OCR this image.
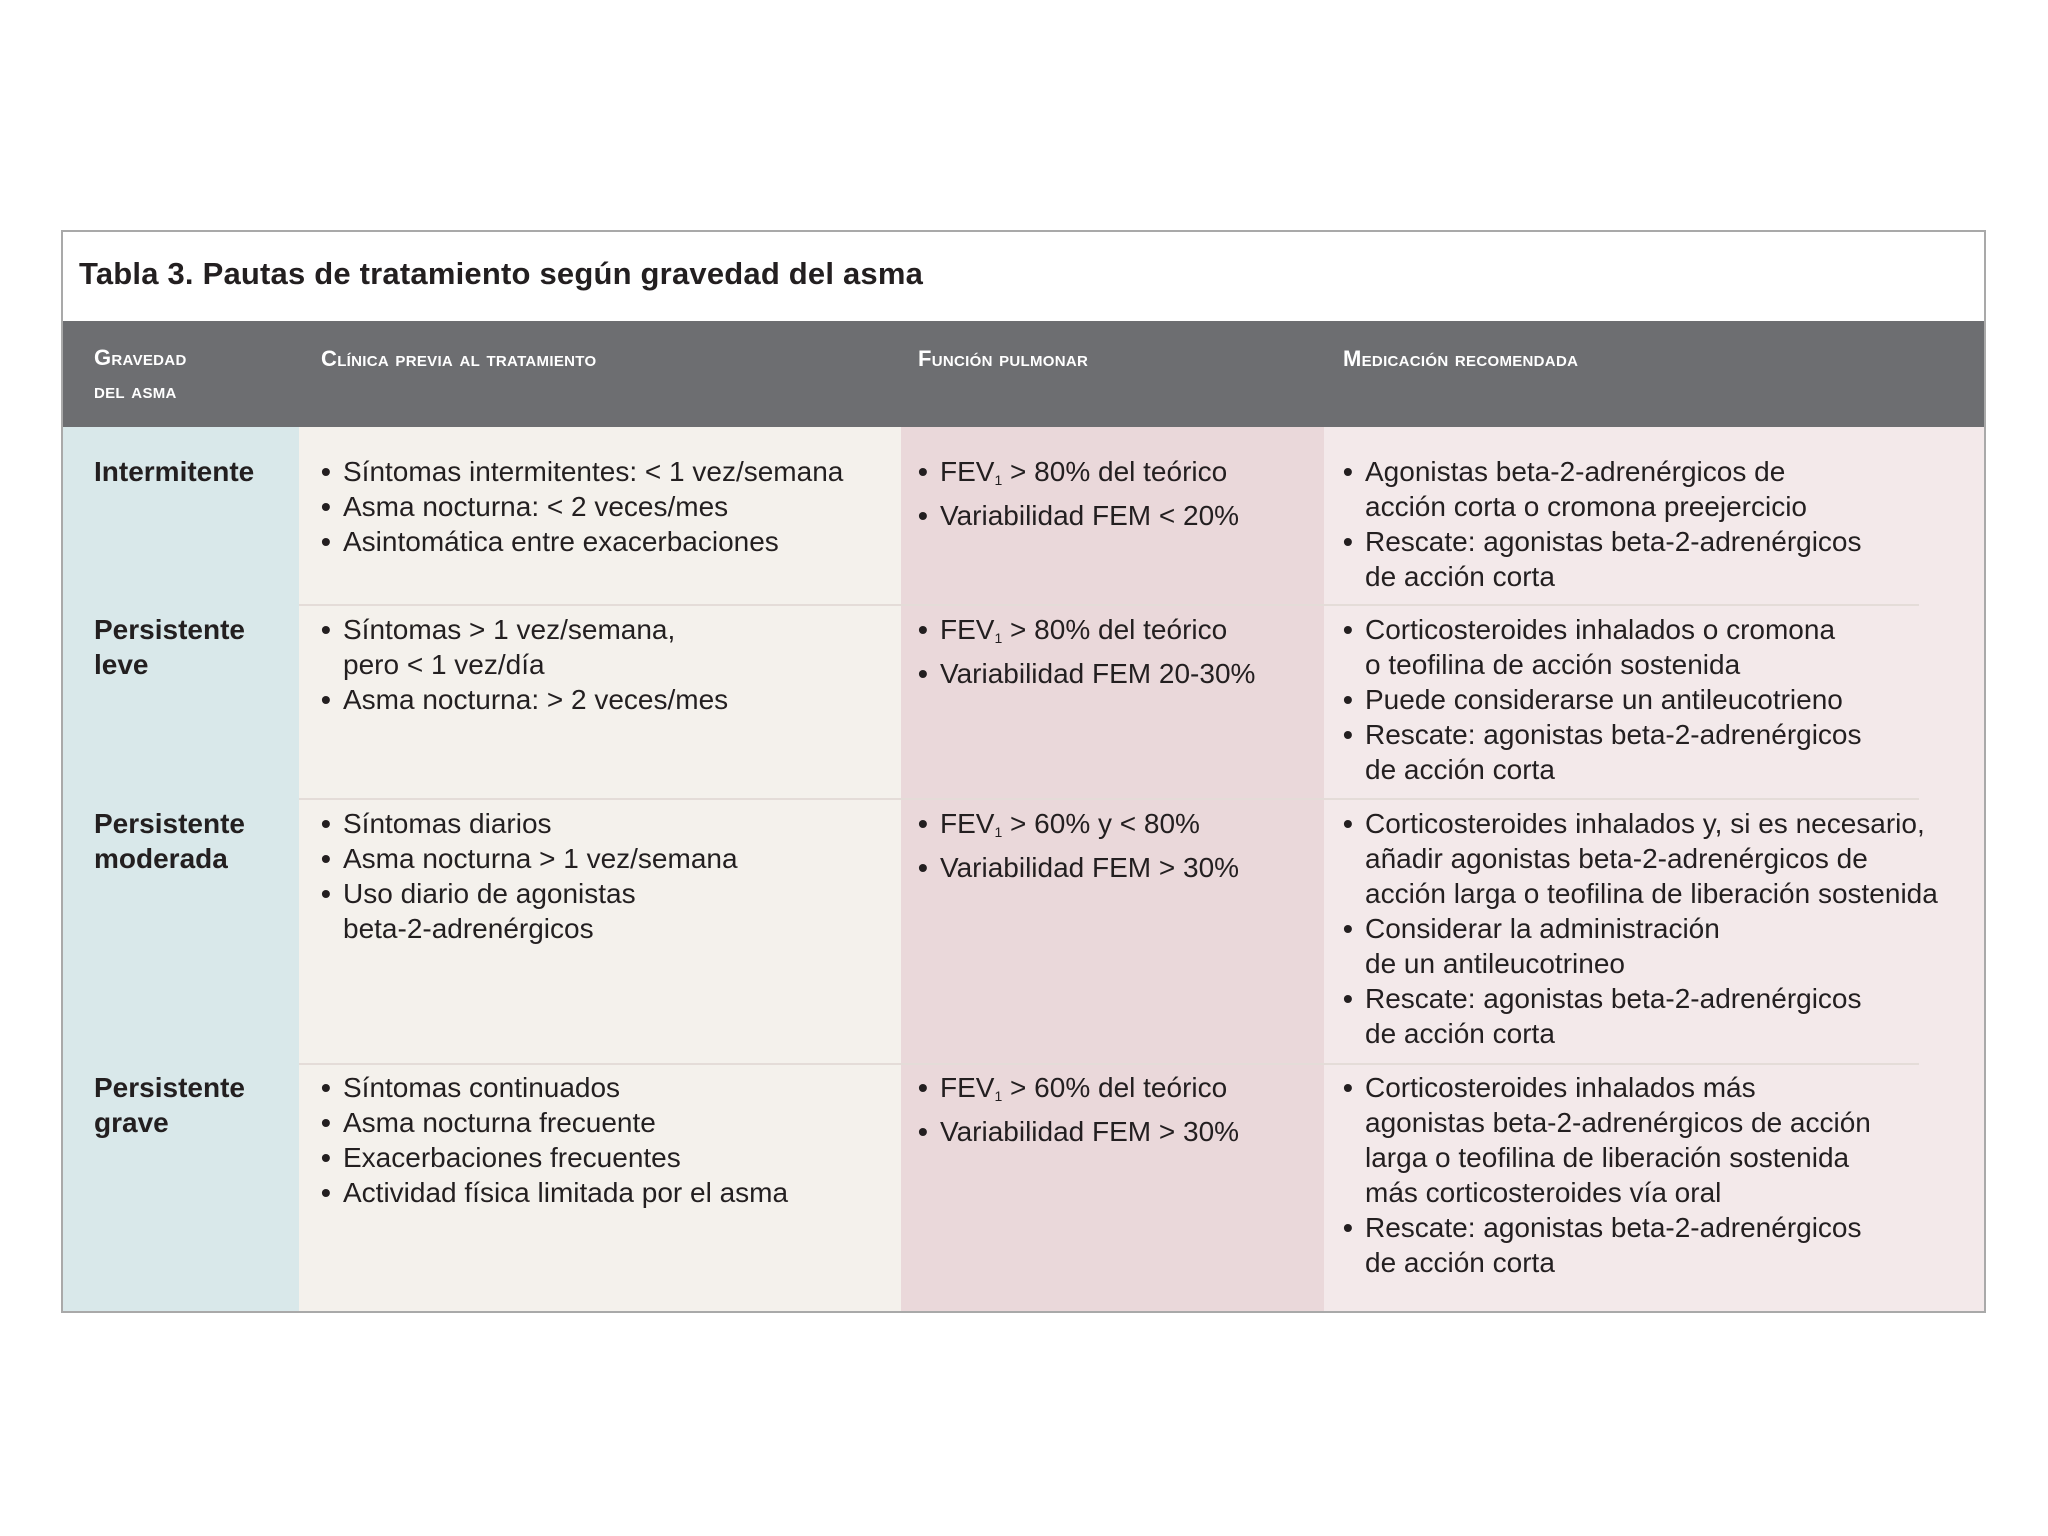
Tabla 3. Pautas de tratamiento según gravedad del asma
Gravedad
del asma
Clínica previa al tratamiento	Función pulmonar	Medicación recomendada
Intermitente
•	Síntomas intermitentes: < 1 vez/semana
• Asma nocturna: < 2 veces/mes
• Asintomática entre exacerbaciones
• $FEV_1 > 80\%$ del teórico
• Variabilidad FEM < 20%
• Agonistas beta-2-adrenérgicos de
acción corta o cromona preejercicio
• Rescate: agonistas beta-2-adrenérgicos
de acción corta
Persistente
leve
• Síntomas > 1 vez/semana,
pero < 1 vez/día
• Asma nocturna: > 2 veces/mes
• $FEV_1 > 80\%$ del teórico
• Variabilidad FEM 20-30%
• Corticosteroides inhalados o cromona
o teofilina de acción sostenida
• Puede considerarse un antileucotrieno
• Rescate: agonistas beta-2-adrenérgicos
de acción corta
Persistente
moderada
• Síntomas diarios
• Asma nocturna > 1 vez/semana
• Uso diario de agonistas
beta-2-adrenérgicos
• $FEV_1 > 60\%$ y < 80%
• Variabilidad FEM > 30%
• Corticosteroides inhalados y, si es necesario,
añadir agonistas beta-2-adrenérgicos de
acción larga o teofilina de liberación sostenida
• Considerar la administración
de un antileucotrineo
• Rescate: agonistas beta-2-adrenérgicos
de acción corta
Persistente
grave
• Síntomas continuados
• Asma nocturna frecuente
• Exacerbaciones frecuentes
• Actividad física limitada por el asma
• $FEV_1 > 60\%$ del teórico
• Variabilidad FEM > 30%
• Corticosteroides inhalados más
agonistas beta-2-adrenérgicos de acción
larga o teofilina de liberación sostenida
más corticosteroides vía oral
• Rescate: agonistas beta-2-adrenérgicos
de acción corta
